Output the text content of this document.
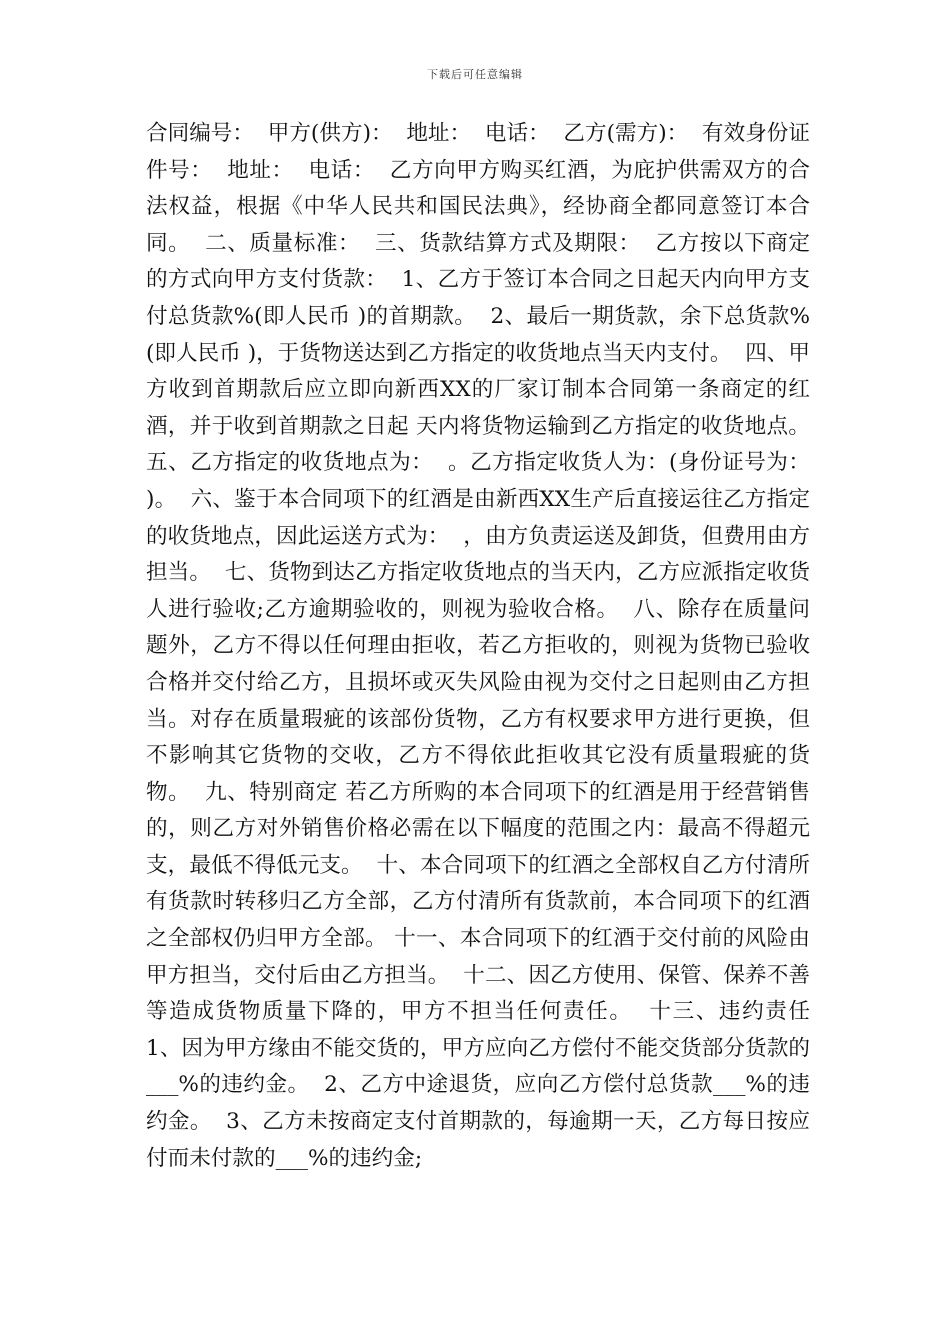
下载后可任意编辑

合同编号：  甲方(供方)：  地址：  电话：  乙方(需方)：  有效身份证件号：  地址：  电话：  乙方向甲方购买红酒，为庇护供需双方的合法权益，根据《中华人民共和国民法典》，经协商全都同意签订本合同。  二、质量标准：  三、货款结算方式及期限：  乙方按以下商定的方式向甲方支付货款：  1、乙方于签订本合同之日起天内向甲方支付总货款%(即人民币 )的首期款。  2、最后一期货款，余下总货款%(即人民币 )，于货物送达到乙方指定的收货地点当天内支付。  四、甲方收到首期款后应立即向新西XX的厂家订制本合同第一条商定的红酒，并于收到首期款之日起 天内将货物运输到乙方指定的收货地点。  五、乙方指定的收货地点为：  。乙方指定收货人为：(身份证号为：  )。  六、鉴于本合同项下的红酒是由新西XX生产后直接运往乙方指定的收货地点，因此运送方式为：  ，由方负责运送及卸货，但费用由方担当。  七、货物到达乙方指定收货地点的当天内，乙方应派指定收货人进行验收;乙方逾期验收的，则视为验收合格。  八、除存在质量问题外，乙方不得以任何理由拒收，若乙方拒收的，则视为货物已验收合格并交付给乙方，且损坏或灭失风险由视为交付之日起则由乙方担当。对存在质量瑕疵的该部份货物，乙方有权要求甲方进行更换，但不影响其它货物的交收，乙方不得依此拒收其它没有质量瑕疵的货物。  九、特别商定 若乙方所购的本合同项下的红酒是用于经营销售的，则乙方对外销售价格必需在以下幅度的范围之内：最高不得超元支，最低不得低元支。  十、本合同项下的红酒之全部权自乙方付清所有货款时转移归乙方全部，乙方付清所有货款前，本合同项下的红酒之全部权仍归甲方全部。 十一、本合同项下的红酒于交付前的风险由甲方担当，交付后由乙方担当。  十二、因乙方使用、保管、保养不善等造成货物质量下降的，甲方不担当任何责任。  十三、违约责任  1、因为甲方缘由不能交货的，甲方应向乙方偿付不能交货部分货款的___%的违约金。  2、乙方中途退货，应向乙方偿付总货款___%的违约金。  3、乙方未按商定支付首期款的，每逾期一天，乙方每日按应付而未付款的___%的违约金;
